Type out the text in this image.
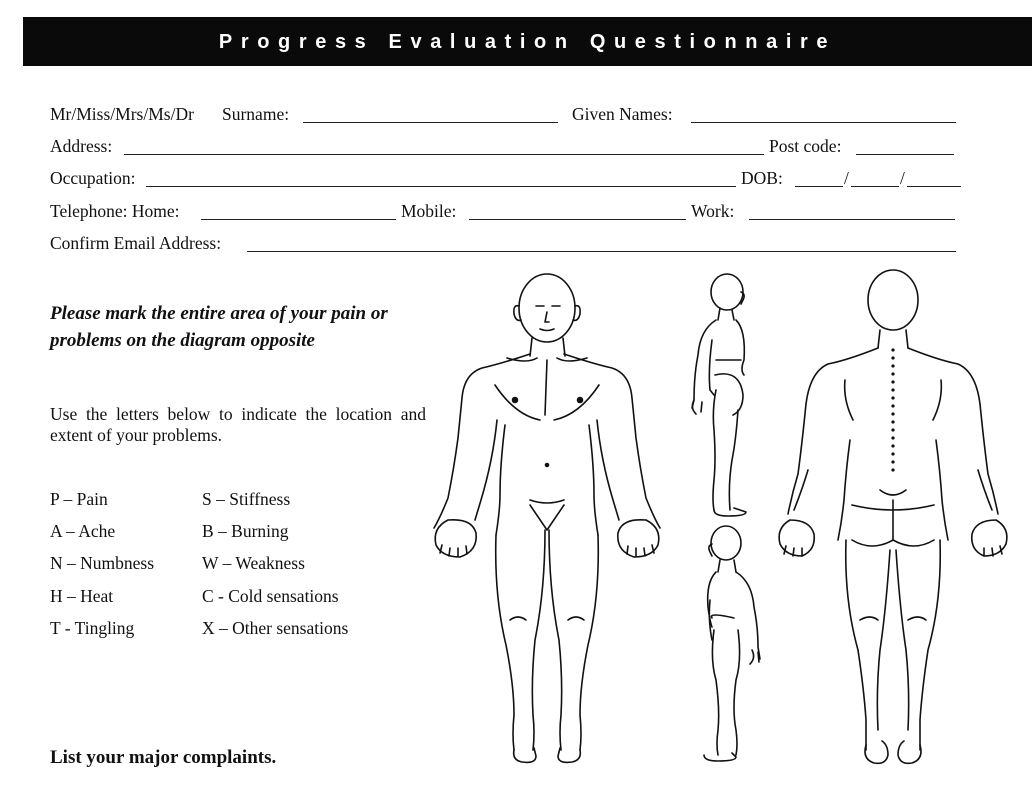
Progress Evaluation Questionnaire
Mr/Miss/Mrs/Ms/Dr Surname:	Given Names:
Address:	Post code:
Occupation:	DOB:	/	/
Telephone: Home:	Mobile:	Work:
Confirm Email Address:
Please mark the entire area of your pain or problems on the diagram opposite
Use the letters below to indicate the location and extent of your problems.
P – Pain
A – Ache
N – Numbness
H – Heat
T - Tingling
S – Stiffness
B – Burning
W – Weakness
C - Cold sensations
X – Other sensations
List your major complaints.
